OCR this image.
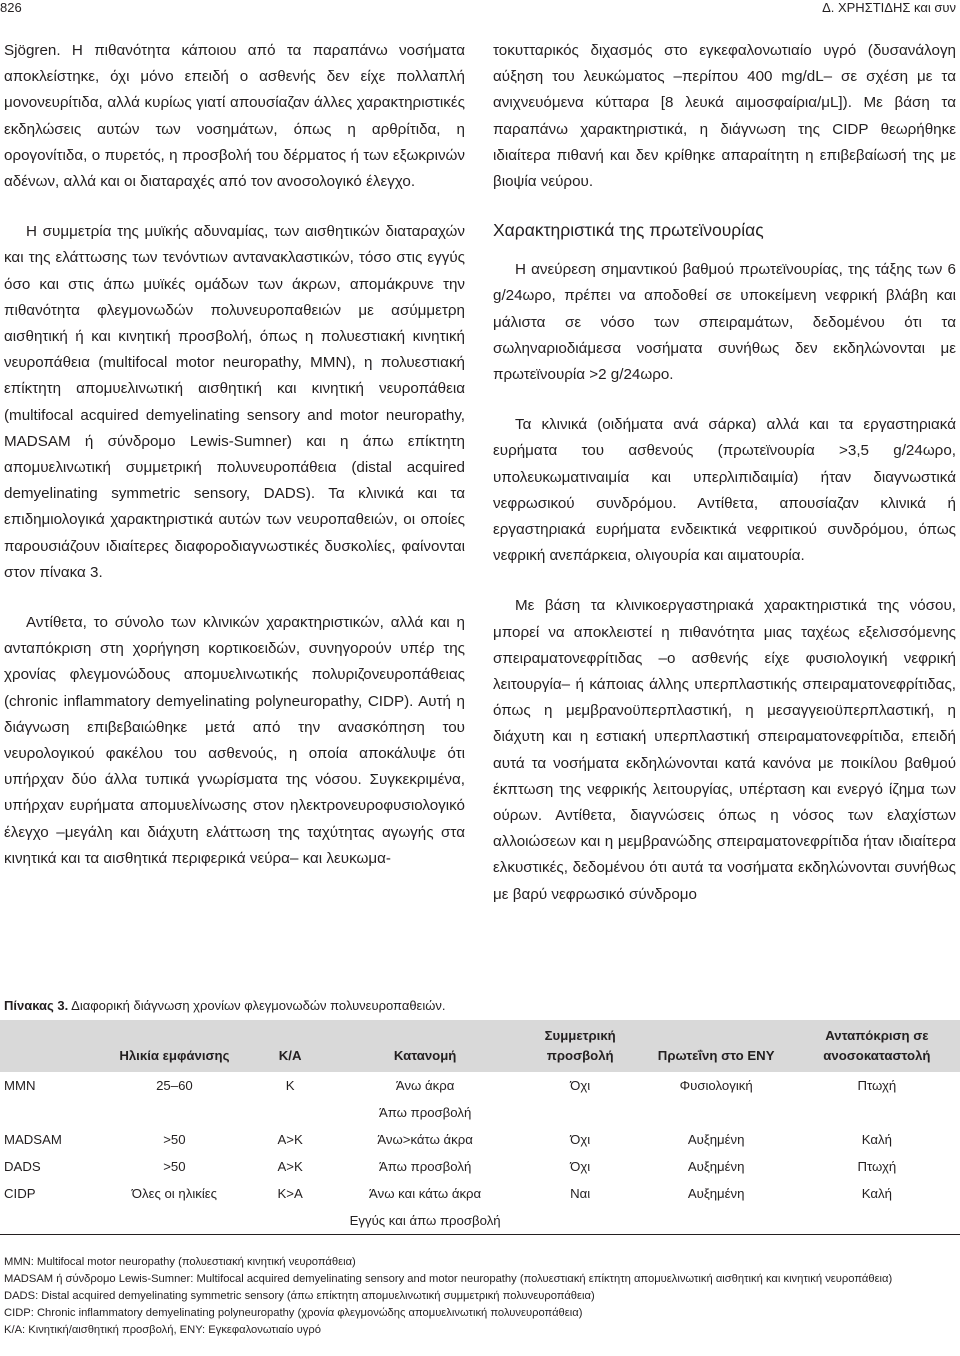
826	Δ. ΧΡΗΣΤΙΔΗΣ και συν

Sjögren. Η πιθανότητα κάποιου από τα παραπάνω νοσήματα αποκλείστηκε, όχι μόνο επειδή ο ασθενής δεν είχε πολλαπλή μονονευρίτιδα, αλλά κυρίως γιατί απουσίαζαν άλλες χαρακτηριστικές εκδηλώσεις αυτών των νοσημάτων, όπως η αρθρίτιδα, η ορογονίτιδα, ο πυρετός, η προσβολή του δέρματος ή των εξωκρινών αδένων, αλλά και οι διαταραχές από τον ανοσολογικό έλεγχο.

Η συμμετρία της μυϊκής αδυναμίας, των αισθητικών διαταραχών και της ελάττωσης των τενόντιων αντανακλαστικών, τόσο στις εγγύς όσο και στις άπω μυϊκές ομάδων των άκρων, απομάκρυνε την πιθανότητα φλεγμονωδών πολυνευροπαθειών με ασύμμετρη αισθητική ή και κινητική προσβολή, όπως η πολυεστιακή κινητική νευροπάθεια (multifocal motor neuropathy, MMN), η πολυεστιακή επίκτητη απομυελινωτική αισθητική και κινητική νευροπάθεια (multifocal acquired demyelinating sensory and motor neuropathy, MADSAM ή σύνδρομο Lewis-Sumner) και η άπω επίκτητη απομυελινωτική συμμετρική πολυνευροπάθεια (distal acquired demyelinating symmetric sensory, DADS). Τα κλινικά και τα επιδημιολογικά χαρακτηριστικά αυτών των νευροπαθειών, οι οποίες παρουσιάζουν ιδιαίτερες διαφοροδιαγνωστικές δυσκολίες, φαίνονται στον πίνακα 3.

Αντίθετα, το σύνολο των κλινικών χαρακτηριστικών, αλλά και η ανταπόκριση στη χορήγηση κορτικοειδών, συνηγορούν υπέρ της χρονίας φλεγμονώδους απομυελινωτικής πολυριζονευροπάθειας (chronic inflammatory demyelinating polyneuropathy, CIDP). Αυτή η διάγνωση επιβεβαιώθηκε μετά από την ανασκόπηση του νευρολογικού φακέλου του ασθενούς, η οποία αποκάλυψε ότι υπήρχαν δύο άλλα τυπικά γνωρίσματα της νόσου. Συγκεκριμένα, υπήρχαν ευρήματα απομυελίνωσης στον ηλεκτρονευροφυσιολογικό έλεγχο –μεγάλη και διάχυτη ελάττωση της ταχύτητας αγωγής στα κινητικά και τα αισθητικά περιφερικά νεύρα– και λευκωμα-

τοκυτταρικός διχασμός στο εγκεφαλονωτιαίο υγρό (δυσανάλογη αύξηση του λευκώματος –περίπου 400 mg/dL– σε σχέση με τα ανιχνευόμενα κύτταρα [8 λευκά αιμοσφαίρια/μL]). Με βάση τα παραπάνω χαρακτηριστικά, η διάγνωση της CIDP θεωρήθηκε ιδιαίτερα πιθανή και δεν κρίθηκε απαραίτητη η επιβεβαίωσή της με βιοψία νεύρου.

Χαρακτηριστικά της πρωτεϊνουρίας

Η ανεύρεση σημαντικού βαθμού πρωτεϊνουρίας, της τάξης των 6 g/24ωρο, πρέπει να αποδοθεί σε υποκείμενη νεφρική βλάβη και μάλιστα σε νόσο των σπειραμάτων, δεδομένου ότι τα σωληναριοδιάμεσα νοσήματα συνήθως δεν εκδηλώνονται με πρωτεϊνουρία >2 g/24ωρο.

Τα κλινικά (οιδήματα ανά σάρκα) αλλά και τα εργαστηριακά ευρήματα του ασθενούς (πρωτεϊνουρία >3,5 g/24ωρο, υπολευκωματιναιμία και υπερλιπιδαιμία) ήταν διαγνωστικά νεφρωσικού συνδρόμου. Αντίθετα, απουσίαζαν κλινικά ή εργαστηριακά ευρήματα ενδεικτικά νεφριτικού συνδρόμου, όπως νεφρική ανεπάρκεια, ολιγουρία και αιματουρία.

Με βάση τα κλινικοεργαστηριακά χαρακτηριστικά της νόσου, μπορεί να αποκλειστεί η πιθανότητα μιας ταχέως εξελισσόμενης σπειραματονεφρίτιδας –ο ασθενής είχε φυσιολογική νεφρική λειτουργία– ή κάποιας άλλης υπερπλαστικής σπειραματονεφρίτιδας, όπως η μεμβρανοϋπερπλαστική, η μεσαγγειοϋπερπλαστική, η διάχυτη και η εστιακή υπερπλαστική σπειραματονεφρίτιδα, επειδή αυτά τα νοσήματα εκδηλώνονται κατά κανόνα με ποικίλου βαθμού έκπτωση της νεφρικής λειτουργίας, υπέρταση και ενεργό ίζημα των ούρων. Αντίθετα, διαγνώσεις όπως η νόσος των ελαχίστων αλλοιώσεων και η μεμβρανώδης σπειραματονεφρίτιδα ήταν ιδιαίτερα ελκυστικές, δεδομένου ότι αυτά τα νοσήματα εκδηλώνονται συνήθως με βαρύ νεφρωσικό σύνδρομο

Πίνακας 3. Διαφορική διάγνωση χρονίων φλεγμονωδών πολυνευροπαθειών.
	Ηλικία εμφάνισης	Κ/Α	Κατανομή	Συμμετρική προσβολή	Πρωτεΐνη στο ΕΝΥ	Ανταπόκριση σε ανοσοκαταστολή
MMN	25–60	Κ	Άνω άκρα	Όχι	Φυσιολογική	Πτωχή
			Άπω προσβολή			
MADSAM	>50	Α>Κ	Άνω>κάτω άκρα	Όχι	Αυξημένη	Καλή
DADS	>50	Α>Κ	Άπω προσβολή	Όχι	Αυξημένη	Πτωχή
CIDP	Όλες οι ηλικίες	Κ>Α	Άνω και κάτω άκρα	Ναι	Αυξημένη	Καλή
			Εγγύς και άπω προσβολή			
MMN: Multifocal motor neuropathy (πολυεστιακή κινητική νευροπάθεια)
MADSAM ή σύνδρομο Lewis-Sumner: Multifocal acquired demyelinating sensory and motor neuropathy (πολυεστιακή επίκτητη απομυελινωτική αισθητική και κινητική νευροπάθεια)
DADS: Distal acquired demyelinating symmetric sensory (άπω επίκτητη απομυελινωτική συμμετρική πολυνευροπάθεια)
CIDP: Chronic inflammatory demyelinating polyneuropathy (χρονία φλεγμονώδης απομυελινωτική πολυνευροπάθεια)
Κ/Α: Κινητική/αισθητική προσβολή, ΕΝΥ: Εγκεφαλονωτιαίο υγρό
